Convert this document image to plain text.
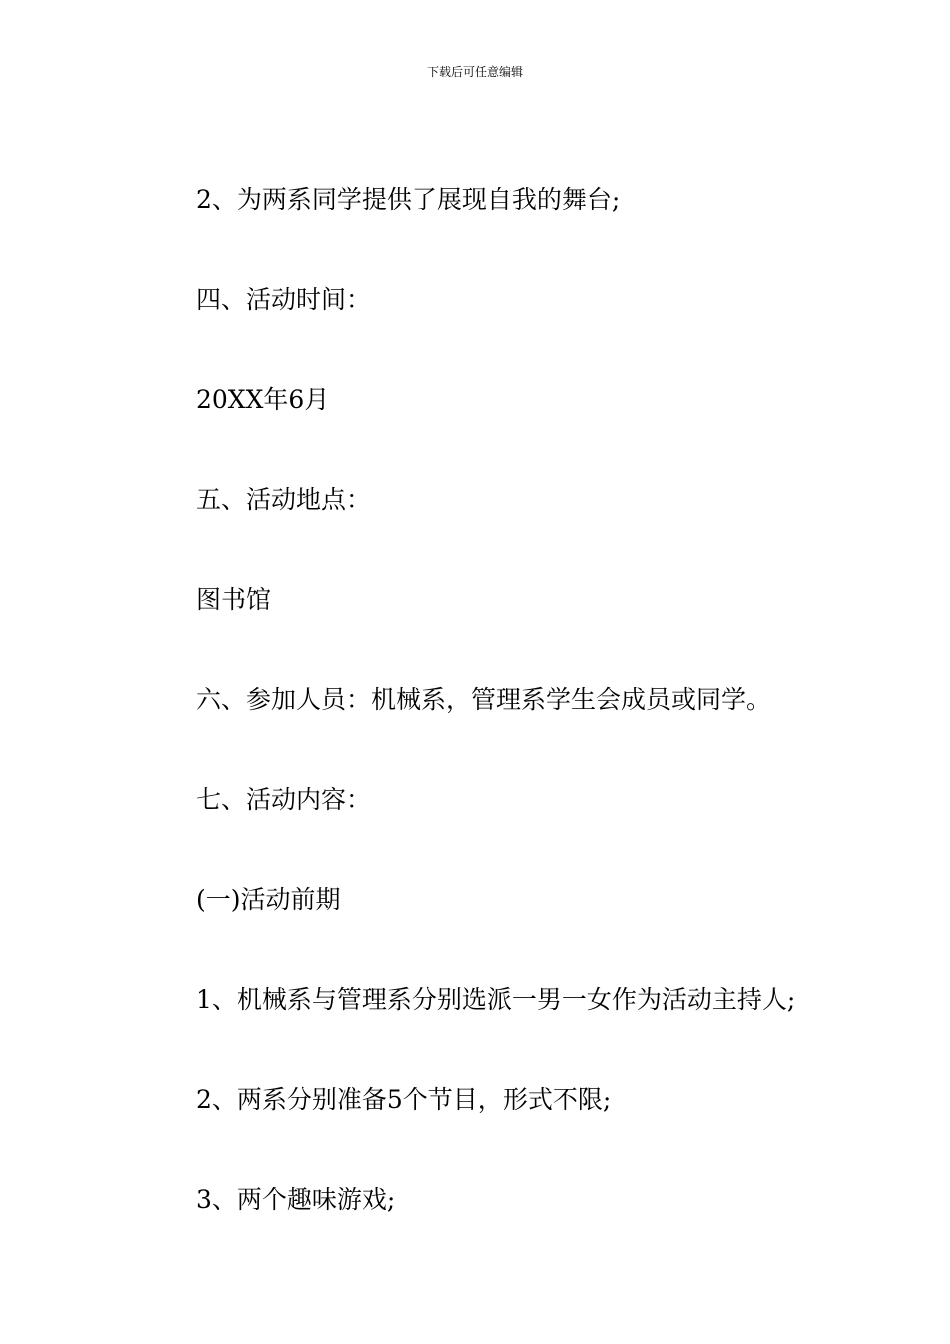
下载后可任意编辑
2、为两系同学提供了展现自我的舞台;
四、活动时间：
20XX年6月
五、活动地点：
图书馆
六、参加人员：机械系，管理系学生会成员或同学。
七、活动内容：
(一)活动前期
1、机械系与管理系分别选派一男一女作为活动主持人;
2、两系分别准备5个节目，形式不限;
3、两个趣味游戏;
